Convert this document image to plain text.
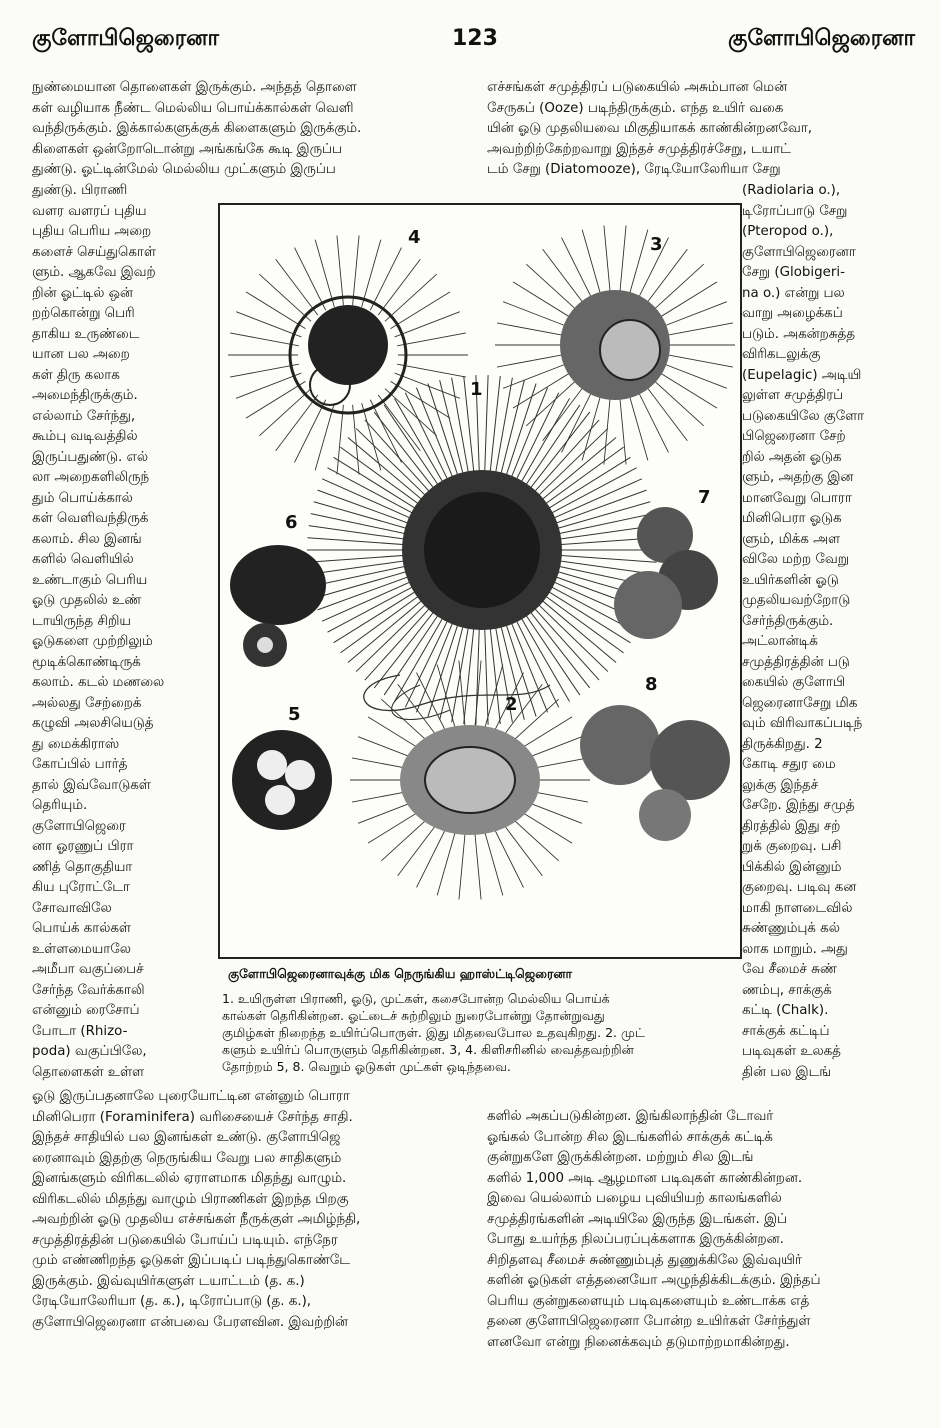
குளோபிஜெரைனா	123	குளோபிஜெரைனா

நுண்மையான தொளைகள் இருக்கும். அந்தத் தொளை

கள் வழியாக நீண்ட மெல்லிய பொய்க்கால்கள் வெளி

வந்திருக்கும். இக்கால்களுக்குக் கிளைகளும் இருக்கும்.

கிளைகள் ஒன்றோடொன்று அங்கங்கே கூடி இருப்ப

துண்டு. ஓட்டின்மேல் மெல்லிய முட்களும் இருப்ப

துண்டு. பிராணி

வளர வளரப் புதிய

புதிய பெரிய அறை

களைச் செய்துகொள்

ளும். ஆகவே இவற்

றின் ஓட்டில் ஒன்

றற்கொன்று பெரி

தாகிய உருண்டை

யான பல அறை

கள் திரு கலாக

அமைந்திருக்கும்.

எல்லாம் சேர்ந்து,

கூம்பு வடிவத்தில்

இருப்பதுண்டு. எல்

லா அறைகளிலிருந்

தும் பொய்க்கால்

கள் வெளிவந்திருக்

கலாம். சில இனங்

களில் வெளியில்

உண்டாகும் பெரிய

ஓடு முதலில் உண்

டாயிருந்த சிறிய

ஓடுகளை முற்றிலும்

மூடிக்கொண்டிருக்

கலாம். கடல் மணலை

அல்லது சேற்றைக்

கழுவி அலசியெடுத்

து மைக்கிராஸ்

கோப்பில் பார்த்

தால் இவ்வோடுகள்

தெரியும்.

குளோபிஜெரை

னா ஓரணுப் பிரா

ணித் தொகுதியா

கிய புரோட்டோ

சோவாவிலே

பொய்க் கால்கள்

உள்ளமையாலே

அமீபா வகுப்பைச்

சேர்ந்த வேர்க்காலி

என்னும் ரைசோப்

போடா (Rhizo-

poda) வகுப்பிலே,

தொளைகள் உள்ள

ஓடு இருப்பதனாலே புரையோட்டின என்னும் பொரா

மினிபெரா (Foraminifera) வரிசையைச் சேர்ந்த சாதி.

இந்தச் சாதியில் பல இனங்கள் உண்டு. குளோபிஜெ

ரைனாவும் இதற்கு நெருங்கிய வேறு பல சாதிகளும்

இனங்களும் விரிகடலில் ஏராளமாக மிதந்து வாழும்.

விரிகடலில் மிதந்து வாழும் பிராணிகள் இறந்த பிறகு

அவற்றின் ஓடு முதலிய எச்சங்கள் நீருக்குள் அமிழ்ந்தி,

சமுத்திரத்தின் படுகையில் போய்ப் படியும். எந்நேர

மும் எண்ணிறந்த ஓடுகள் இப்படிப் படிந்துகொண்டே

இருக்கும். இவ்வுயிர்களுள் டயாட்டம் (த. க.)

ரேடியோலேரியா (த. க.), டிரோப்பாடு (த. க.),

குளோபிஜெரைனா என்பவை பேரளவின. இவற்றின்

எச்சங்கள் சமுத்திரப் படுகையில் அசும்பான மென்

சேருகப் (Ooze) படிந்திருக்கும். எந்த உயிர் வகை

யின் ஓடு முதலியவை மிகுதியாகக் காண்கின்றனவோ,

அவற்றிற்கேற்றவாறு இந்தச் சமுத்திரச்சேறு, டயாட்

டம் சேறு (Diatomooze), ரேடியோலேரியா சேறு

(Radiolaria o.),

டிரோப்பாடு சேறு

(Pteropod o.),

குளோபிஜெரைனா

சேறு (Globigeri-

na o.) என்று பல

வாறு அழைக்கப்

படும். அகன்றசுத்த

விரிகடலுக்கு

(Eupelagic) அடியி

லுள்ள சமுத்திரப்

படுகையிலே குளோ

பிஜெரைனா சேற்

றில் அதன் ஓடுக

ளும், அதற்கு இன

மானவேறு பொரா

மினிபெரா ஓடுக

ளும், மிக்க அள

விலே மற்ற வேறு

உயிர்களின் ஓடு

முதலியவற்றோடு

சேர்ந்திருக்கும்.

அட்லான்டிக்

சமுத்திரத்தின் படு

கையில் குளோபி

ஜெரைனாசேறு மிக

வும் விரிவாகப்படிந்

திருக்கிறது. 2

கோடி சதுர மை

லுக்கு இந்தச்

சேறே. இந்து சமுத்

திரத்தில் இது சற்

றுக் குறைவு. பசி

பிக்கில் இன்னும்

குறைவு. படிவு கன

மாகி நாளடைவில்

சுண்ணும்புக் கல்

லாக மாறும். அது

வே சீமைச் சுண்

ணம்பு, சாக்குக்

கட்டி (Chalk).

சாக்குக் கட்டிப்

படிவுகள் உலகத்

தின் பல இடங்

களில் அகப்படுகின்றன. இங்கிலாந்தின் டோவர்

ஓங்கல் போன்ற சில இடங்களில் சாக்குக் கட்டிக்

குன்றுகளே இருக்கின்றன. மற்றும் சில இடங்

களில் 1,000 அடி ஆழமான படிவுகள் காண்கின்றன.

இவை யெல்லாம் பழைய புவியியற் காலங்களில்

சமுத்திரங்களின் அடியிலே இருந்த இடங்கள். இப்

போது உயர்ந்த நிலப்பரப்புக்களாக இருக்கின்றன.

சிறிதளவு சீமைச் சுண்ணும்புத் துணுக்கிலே இவ்வுயிர்

களின் ஓடுகள் எத்தனையோ அழுந்திக்கிடக்கும். இந்தப்

பெரிய குன்றுகளையும் படிவுகளையும் உண்டாக்க எத்

தனை குளோபிஜெரைனா போன்ற உயிர்கள் சேர்ந்துள்

ளனவோ என்று நினைக்கவும் தடுமாற்றமாகின்றது.

4	3
1
6
7
8
5	2
குளோபிஜெரைனாவுக்கு மிக நெருங்கிய ஹாஸ்ட்டிஜெரைனா
1. உயிருள்ள பிராணி, ஓடு, முட்கள், கசைபோன்ற மெல்லிய பொய்க்
கால்கள் தெரிகின்றன. ஓட்டைச் சுற்றிலும் நுரைபோன்று தோன்றுவது
குமிழ்கள் நிறைந்த உயிர்ப்பொருள். இது மிதவைபோல உதவுகிறது. 2. முட்
களும் உயிர்ப் பொருளும் தெரிகின்றன. 3, 4. கிளிசரினில் வைத்தவற்றின்
தோற்றம் 5, 8. வெறும் ஓடுகள் முட்கள் ஒடிந்தவை.
